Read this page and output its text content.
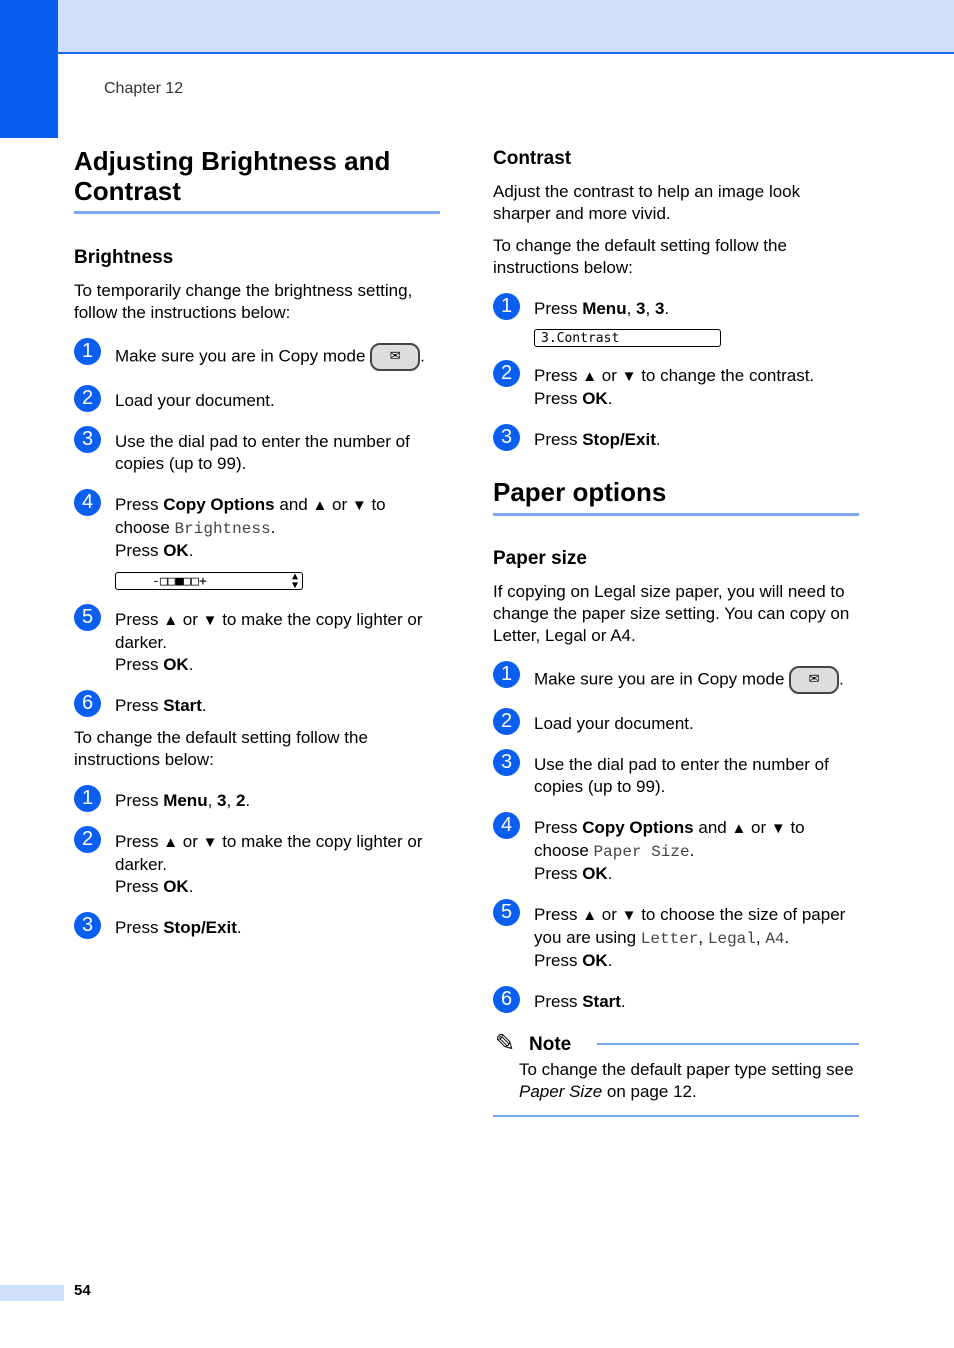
Chapter 12
Adjusting Brightness and
Contrast
Brightness

To temporarily change the brightness setting, follow the instructions below:

1	Make sure you are in Copy mode ✉ .
2	Load your document.
3	Use the dial pad to enter the number of copies (up to 99).
4	Press Copy Options and ▲ or ▼ to choose Brightness.
Press OK.
-□□■□□+	▲
▼
5	Press ▲ or ▼ to make the copy lighter or darker.
Press OK.
6	Press Start.

To change the default setting follow the instructions below:

1	Press Menu, 3, 2.
2	Press ▲ or ▼ to make the copy lighter or darker.
Press OK.
3	Press Stop/Exit.
Contrast

Adjust the contrast to help an image look sharper and more vivid.

To change the default setting follow the instructions below:

1	Press Menu, 3, 3.
3.Contrast
2	Press ▲ or ▼ to change the contrast.
Press OK.
3	Press Stop/Exit.
Paper options
Paper size

If copying on Legal size paper, you will need to change the paper size setting. You can copy on Letter, Legal or A4.

1	Make sure you are in Copy mode ✉ .
2	Load your document.
3	Use the dial pad to enter the number of copies (up to 99).
4	Press Copy Options and ▲ or ▼ to choose Paper Size.
Press OK.
5	Press ▲ or ▼ to choose the size of paper you are using Letter, Legal, A4.
Press OK.
6	Press Start.
✎ Note

To change the default paper type setting see Paper Size on page 12.

54
